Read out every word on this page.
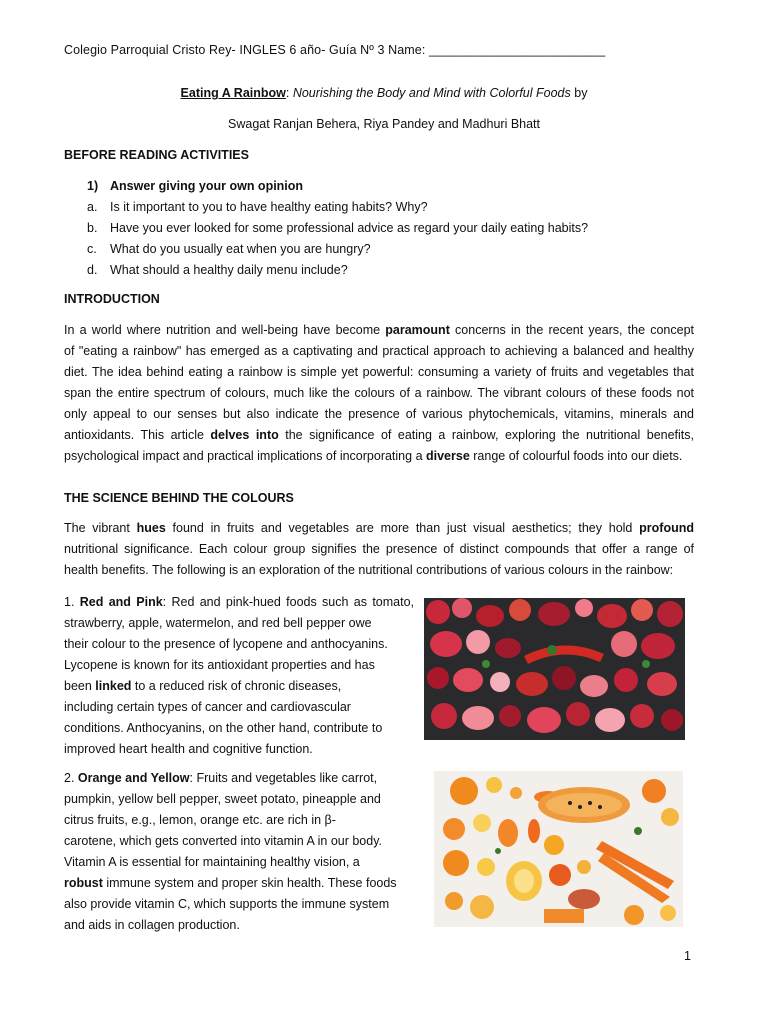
Colegio Parroquial Cristo Rey- INGLES 6 año- Guía Nº 3 Name: _________________________
Eating A Rainbow: Nourishing the Body and Mind with Colorful Foods by
Swagat Ranjan Behera, Riya Pandey and Madhuri Bhatt
BEFORE READING ACTIVITIES
1) Answer giving your own opinion
a. Is it important to you to have healthy eating habits? Why?
b. Have you ever looked for some professional advice as regard your daily eating habits?
c. What do you usually eat when you are hungry?
d. What should a healthy daily menu include?
INTRODUCTION
In a world where nutrition and well-being have become paramount concerns in the recent years, the concept
of "eating a rainbow" has emerged as a captivating and practical approach to achieving a balanced and healthy
diet. The idea behind eating a rainbow is simple yet powerful: consuming a variety of fruits and vegetables that
span the entire spectrum of colours, much like the colours of a rainbow. The vibrant colours of these foods not
only appeal to our senses but also indicate the presence of various phytochemicals, vitamins, minerals and
antioxidants. This article delves into the significance of eating a rainbow, exploring the nutritional benefits,
psychological impact and practical implications of incorporating a diverse range of colourful foods into our diets.
THE SCIENCE BEHIND THE COLOURS
The vibrant hues found in fruits and vegetables are more than just visual aesthetics; they hold profound
nutritional significance. Each colour group signifies the presence of distinct compounds that offer a range of
health benefits. The following is an exploration of the nutritional contributions of various colours in the rainbow:
1. Red and Pink: Red and pink-hued foods such as tomato,
strawberry, apple, watermelon, and red bell pepper owe
their colour to the presence of lycopene and anthocyanins.
Lycopene is known for its antioxidant properties and has
been linked to a reduced risk of chronic diseases,
including certain types of cancer and cardiovascular
conditions. Anthocyanins, on the other hand, contribute to
improved heart health and cognitive function.
2. Orange and Yellow: Fruits and vegetables like carrot,
pumpkin, yellow bell pepper, sweet potato, pineapple and
citrus fruits, e.g., lemon, orange etc. are rich in β-
carotene, which gets converted into vitamin A in our body.
Vitamin A is essential for maintaining healthy vision, a
robust immune system and proper skin health. These foods
also provide vitamin C, which supports the immune system
and aids in collagen production.
1
